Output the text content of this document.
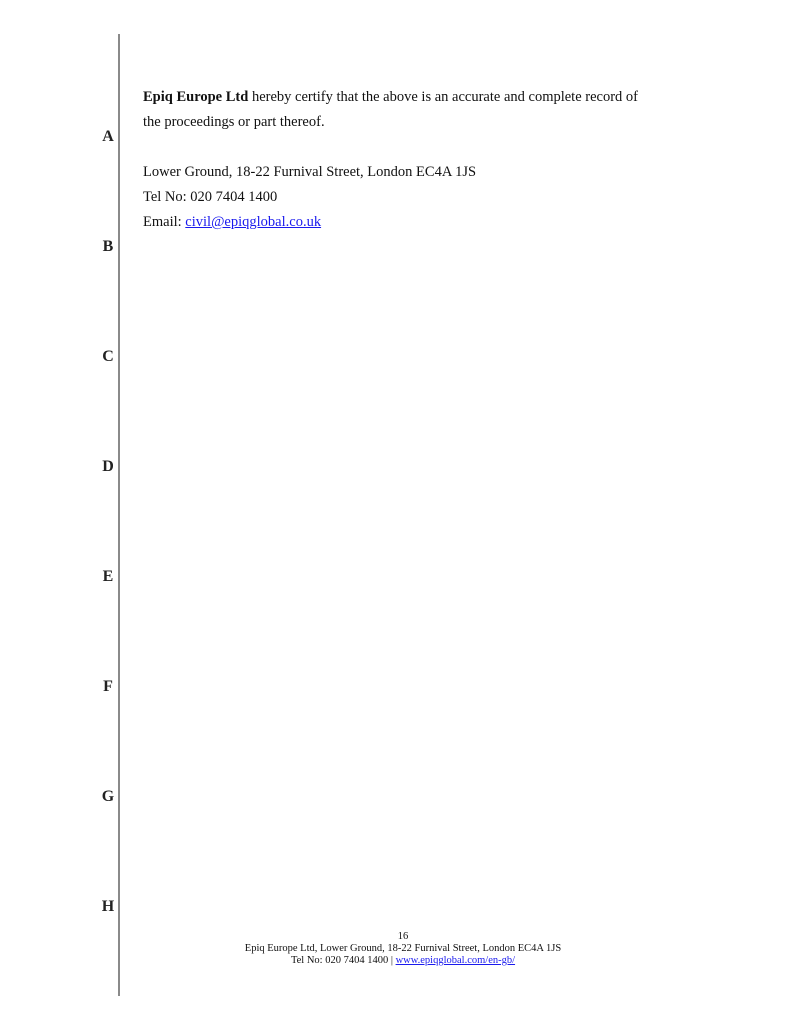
A
B
C
D
E
F
G
H
Epiq Europe Ltd hereby certify that the above is an accurate and complete record of
the proceedings or part thereof.
Lower Ground, 18-22 Furnival Street, London EC4A 1JS
Tel No: 020 7404 1400
Email: civil@epiqglobal.co.uk
16
Epiq Europe Ltd, Lower Ground, 18-22 Furnival Street, London EC4A 1JS
Tel No: 020 7404 1400 | www.epiqglobal.com/en-gb/
